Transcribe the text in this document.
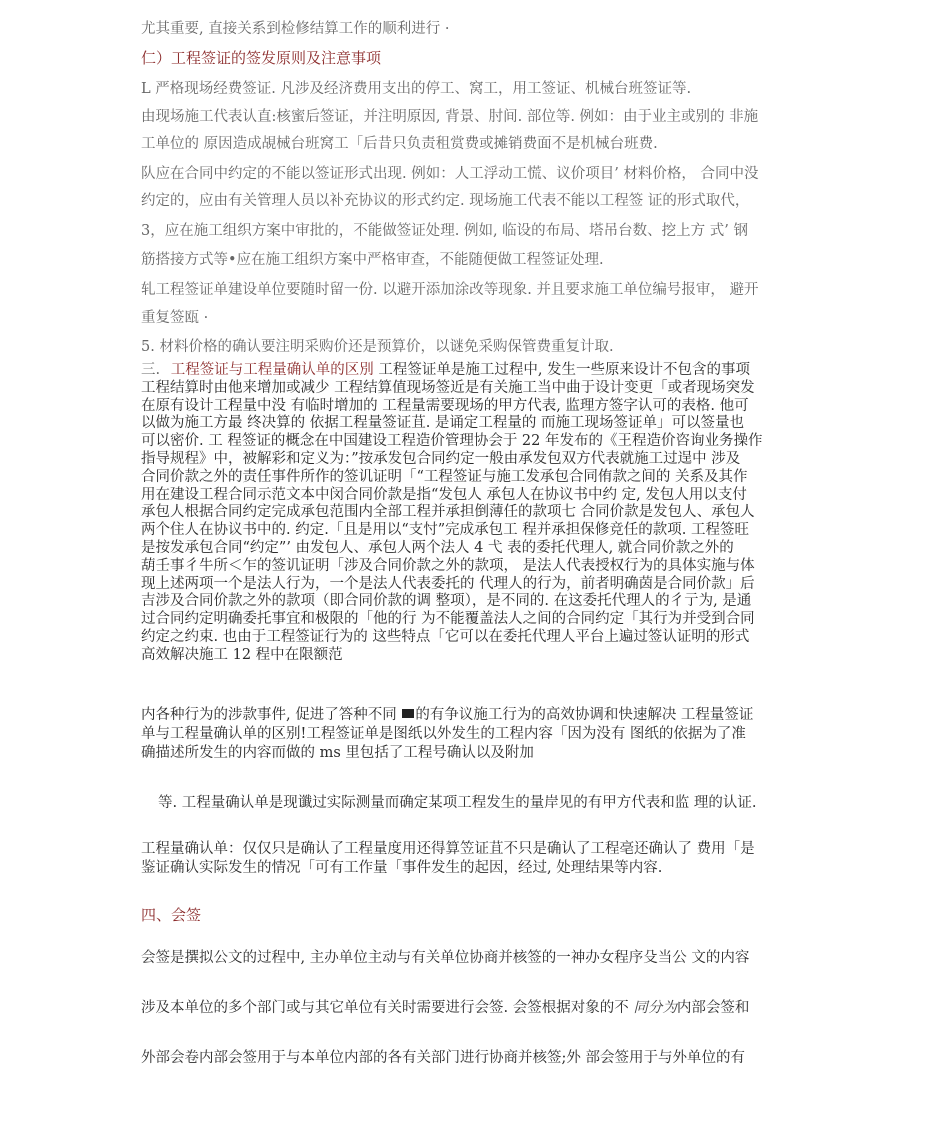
尤其重要, 直接关系到检修结算工作的顺利进行 ·
仁）工程签证的签发原则及注意事项
L 严格现场经费签证. 凡涉及经济费用支出的停工、窝工，用工签证、机械台班签证等.
由现场施工代表认直:核蜜后签证，并注明原因, 背景、肘间. 部位等. 例如：由于业主或别的 非施
工单位的 原因造成覘械台班窝工「后昔只负责租赏费或摊销费面不是机械台班费.
队应在合同中约定的不能以签证形式出现. 例如：人工浮动工慌、议价项目’ 材料价格， 合同中没
约定的，应由有关管理人员以补充协议的形式约定. 现场施工代表不能以工程签 证的形式取代，
3，应在施工组织方案中审批的，不能做签证处理. 例如, 临设的布局、塔吊台数、挖上方 式’ 钢
筋搭接方式等•应在施工组织方案中严格审查，不能随便做工程签证处理.
轧工程签证单建设单位要随时留一份. 以避开添加涂改等现象. 并且要求施工单位编号报审， 避开
重复签瓯 ·
5. 材料价格的确认要注明采购价还是预算价，以谜免采购保管费重复计取.

三. 工程签证与工程量确认单的区別 工程签证单是施工过程中, 发生一些原来设计不包含的事项

工程结算时由他来增加或减少 工程结算值现场签近是有关施工当中曲于设计变更「或者现场突发

在原有设计工程量中没 有临时增加的 工程量需要现场的甲方代表, 监理方签字认可的表格. 他可

以做为施工方最 终决算的 依据工程量签证苴. 是诵定工程量的 而施工现场签证单」可以签量也

可以密价. 工 程签证的概念在中国建设工程造价管理协会于 22 年发布的《王程造价咨询业务操作

指导规程》中，被解彩和定义为：”按承发包合同约定一般由承发包双方代表就施工过逞中 涉及

合同价款之外的责任事件所作的签讥证明「“工程签证与施工发承包合同侑款之间的 关系及其作

用在建设工程合同示范文本中闵合同价款是指“发包人 承包人在协议书中约 定, 发包人用以支付

承包人根据合同约定完成承包范围内全部工程并承担倒薄任的款项七 合同价款是发包人、承包人

两个住人在协议书中的. 约定.「且是用以“支忖”完成承包工 程并承担保修竞任的款项. 工程签旺

是按发承包合同“约定”’ 由发包人、承包人两个法人 4 弋 表的委托代理人, 就合同价款之外的

葫壬事彳牛所＜乍的签讥证明「涉及合同价款之外的款项， 是法人代表授权行为的具体实施与体

现上述两项一个是法人行为，一个是法人代表委托的 代理人的行为，前者明确茵是合同价款」后

吉涉及合同价款之外的款项（即合同价款的调 整项），是不同的. 在这委托代理人的彳亍为, 是通

过合同约定明确委托事宜和极限的「他的行 为不能覆盖法人之间的合同约定「其行为并受到合同

约定之约束. 也由于工程签证行为的 这些特点「它可以在委托代理人平台上遍过签认证明的形式

高效解决施工 12 程中在限额范

内各种行为的涉款事件, 促进了答种不同 的有争议施工行为的高效协调和快速解决 工程量签证

单与工程量确认单的区别!工程签证单是图纸以外发生的工程内容「因为没有 图纸的依据为了准

确描述所发生的内容而做的 ms 里包括了工程号确认以及附加

等. 工程量确认单是现谶过实际测量而确定某项工程发生的量岸见的有甲方代表和监 理的认证.

工程量确认单：仅仅只是确认了工程量度用还得算笠证苴不只是确认了工程亳还确认了 费用「是

鉴证确认实际发生的情况「可有工作量「事件发生的起因，经过, 处理结果等内容.

四、会签
会签是撰拟公文的过程中, 主办单位主动与有关单位协商并核签的一神办女程序殳当公 文的内容
涉及本单位的多个部门或与其它单位有关时需要进行会签. 会签根据对象的不 同分为内部会签和
外部会卷内部会签用于与本单位内部的各有关部门进行协商并核签;外 部会签用于与外单位的有
